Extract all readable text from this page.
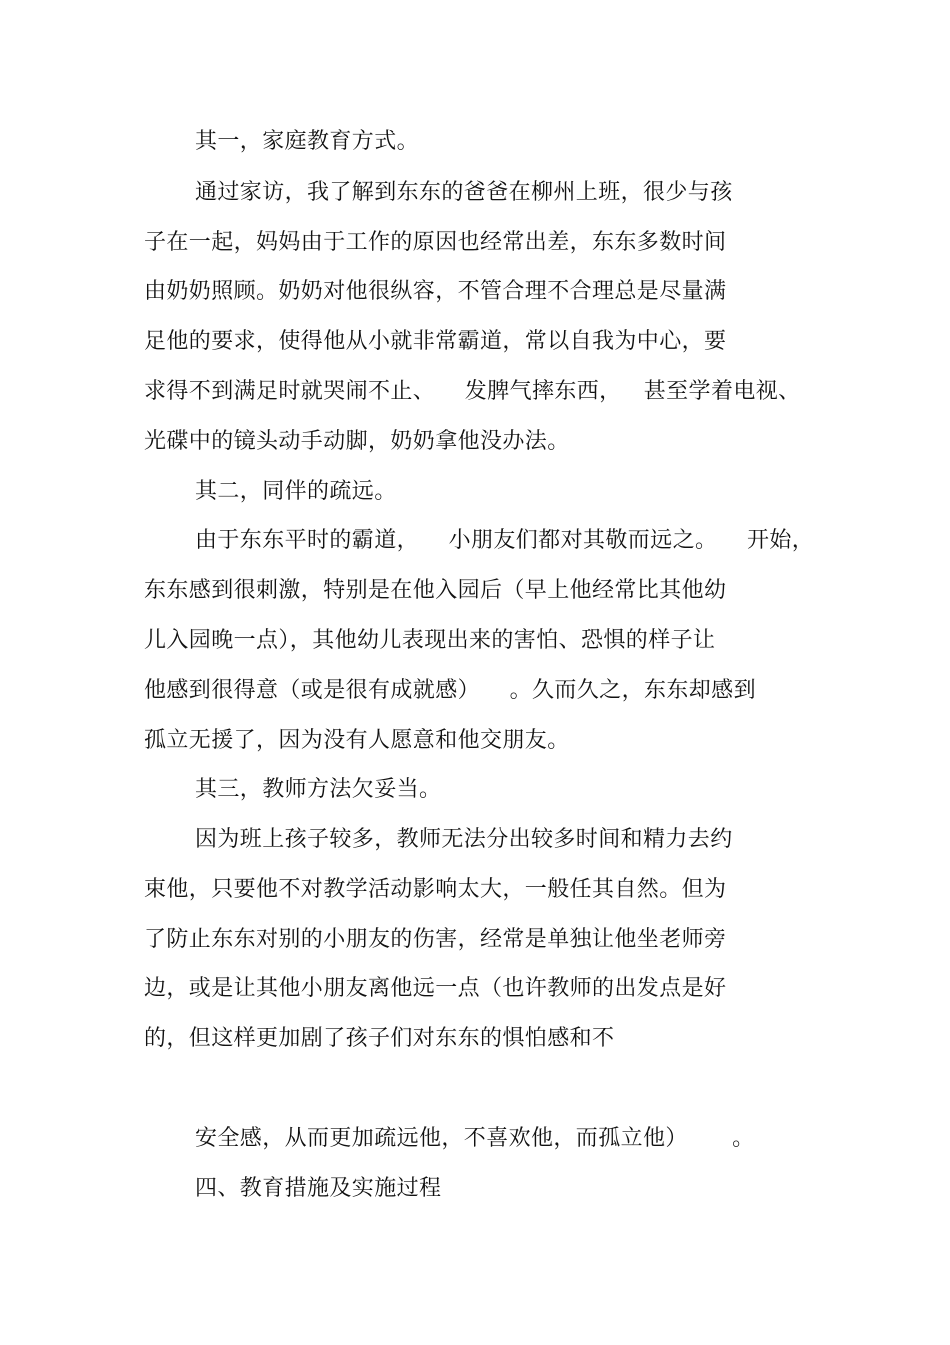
其一，家庭教育方式。
通过家访，我了解到东东的爸爸在柳州上班，很少与孩
子在一起，妈妈由于工作的原因也经常出差，东东多数时间
由奶奶照顾。奶奶对他很纵容，不管合理不合理总是尽量满
足他的要求，使得他从小就非常霸道，常以自我为中心，要
求得不到满足时就哭闹不止、    发脾气摔东西，   甚至学着电视、
光碟中的镜头动手动脚，奶奶拿他没办法。
其二，同伴的疏远。
由于东东平时的霸道，    小朋友们都对其敬而远之。    开始，
东东感到很刺激，特别是在他入园后（早上他经常比其他幼
儿入园晚一点），其他幼儿表现出来的害怕、恐惧的样子让
他感到很得意（或是很有成就感）    。久而久之，东东却感到
孤立无援了，因为没有人愿意和他交朋友。
其三，教师方法欠妥当。
因为班上孩子较多，教师无法分出较多时间和精力去约
束他，只要他不对教学活动影响太大，一般任其自然。但为
了防止东东对别的小朋友的伤害，经常是单独让他坐老师旁
边，或是让其他小朋友离他远一点（也许教师的出发点是好
的，但这样更加剧了孩子们对东东的惧怕感和不
安全感，从而更加疏远他，不喜欢他，而孤立他）      。
四、教育措施及实施过程
